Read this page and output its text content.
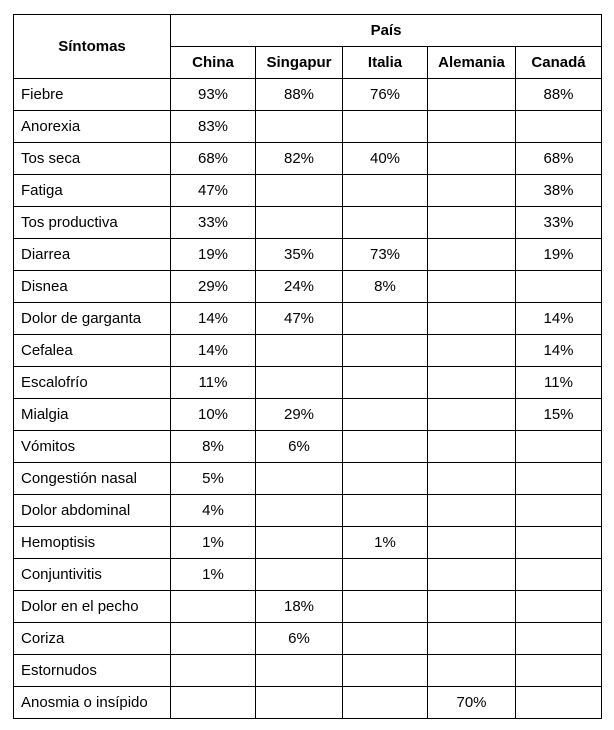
Síntomas	País				
	China	Singapur	Italia	Alemania	Canadá
Fiebre	93%	88%	76%		88%
Anorexia	83%				
Tos seca	68%	82%	40%		68%
Fatiga	47%				38%
Tos productiva	33%				33%
Diarrea	19%	35%	73%		19%
Disnea	29%	24%	8%		
Dolor de garganta	14%	47%			14%
Cefalea	14%				14%
Escalofrío	11%				11%
Mialgia	10%	29%			15%
Vómitos	8%	6%			
Congestión nasal	5%				
Dolor abdominal	4%				
Hemoptisis	1%		1%		
Conjuntivitis	1%				
Dolor en el pecho		18%			
Coriza		6%			
Estornudos					
Anosmia o insípido				70%	
